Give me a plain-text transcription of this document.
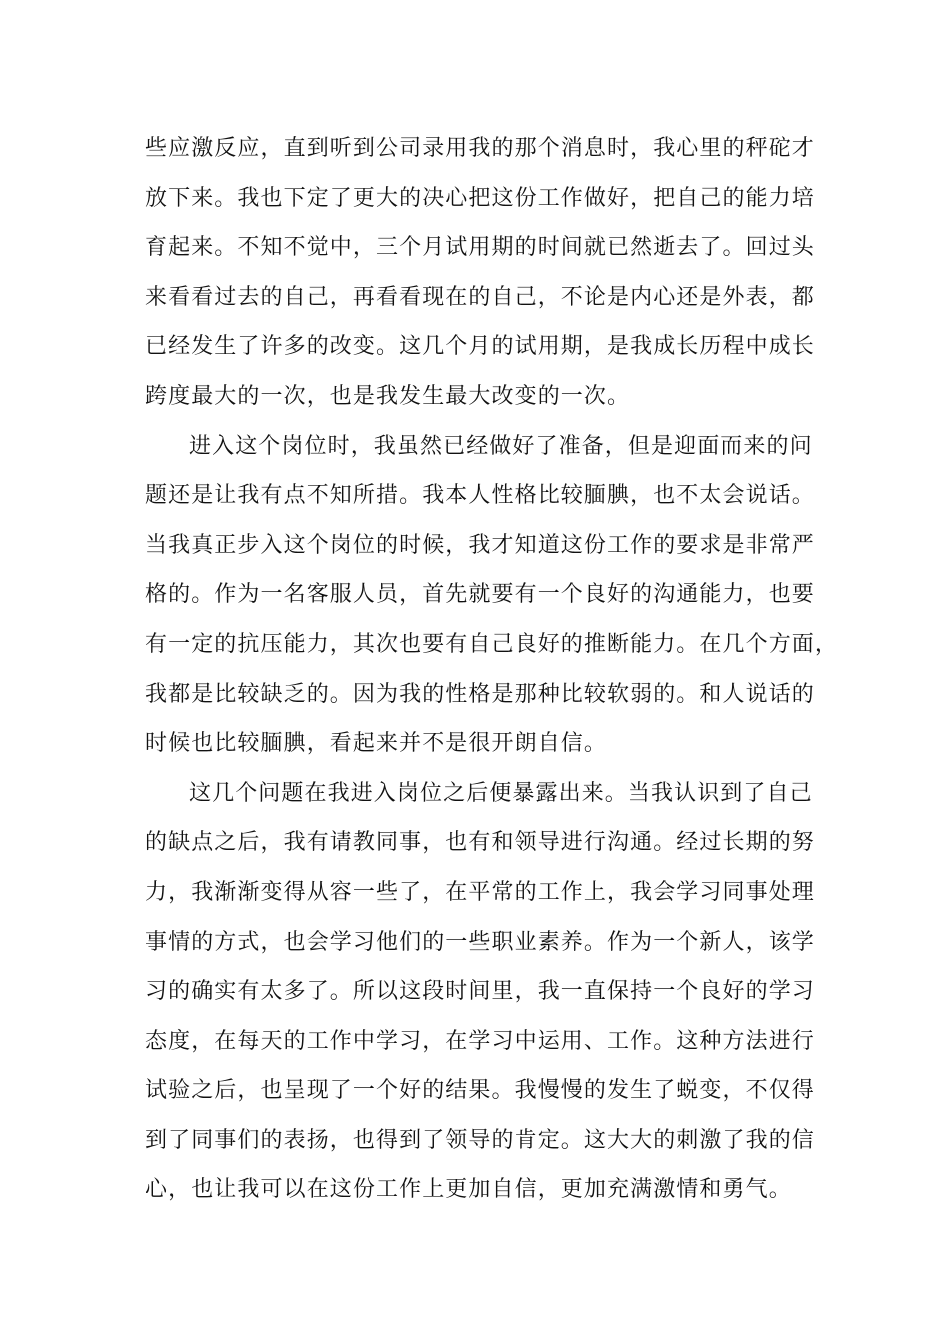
些应激反应，直到听到公司录用我的那个消息时，我心里的秤砣才
放下来。我也下定了更大的决心把这份工作做好，把自己的能力培
育起来。不知不觉中，三个月试用期的时间就已然逝去了。回过头
来看看过去的自己，再看看现在的自己，不论是内心还是外表，都
已经发生了许多的改变。这几个月的试用期，是我成长历程中成长
跨度最大的一次，也是我发生最大改变的一次。
进入这个岗位时，我虽然已经做好了准备，但是迎面而来的问
题还是让我有点不知所措。我本人性格比较腼腆，也不太会说话。
当我真正步入这个岗位的时候，我才知道这份工作的要求是非常严
格的。作为一名客服人员，首先就要有一个良好的沟通能力，也要
有一定的抗压能力，其次也要有自己良好的推断能力。在几个方面，
我都是比较缺乏的。因为我的性格是那种比较软弱的。和人说话的
时候也比较腼腆，看起来并不是很开朗自信。
这几个问题在我进入岗位之后便暴露出来。当我认识到了自己
的缺点之后，我有请教同事，也有和领导进行沟通。经过长期的努
力，我渐渐变得从容一些了，在平常的工作上，我会学习同事处理
事情的方式，也会学习他们的一些职业素养。作为一个新人，该学
习的确实有太多了。所以这段时间里，我一直保持一个良好的学习
态度，在每天的工作中学习，在学习中运用、工作。这种方法进行
试验之后，也呈现了一个好的结果。我慢慢的发生了蜕变，不仅得
到了同事们的表扬，也得到了领导的肯定。这大大的刺激了我的信
心，也让我可以在这份工作上更加自信，更加充满激情和勇气。
